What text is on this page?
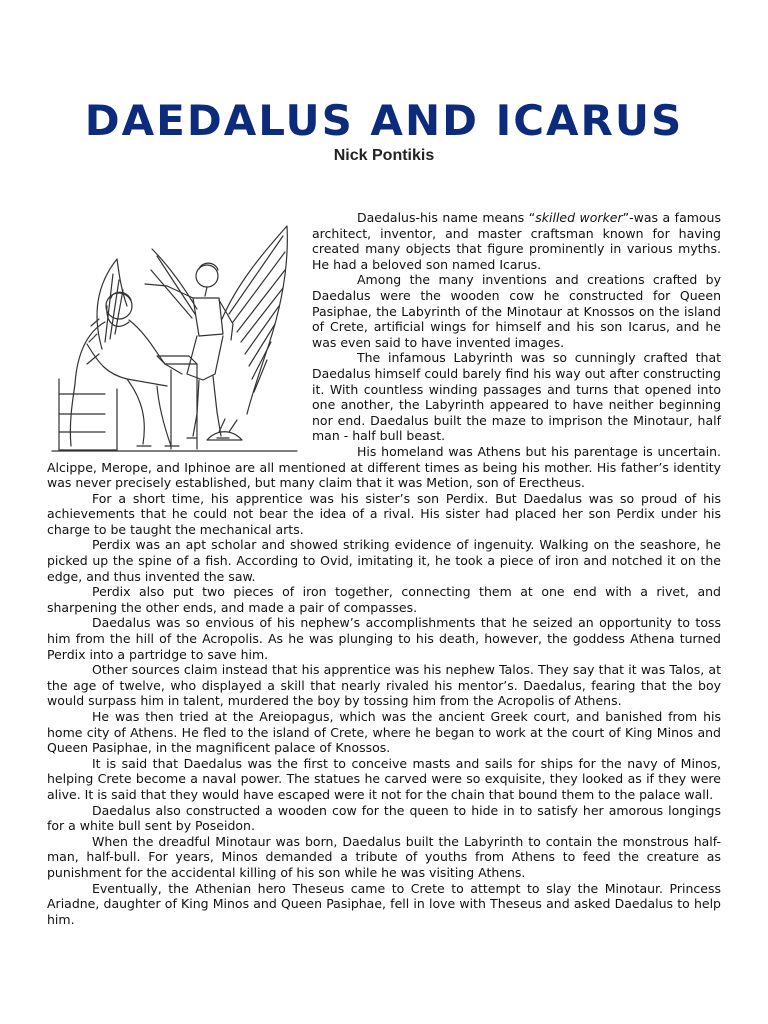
DAEDALUS AND ICARUS
Nick Pontikis

Daedalus-his name means “skilled worker”-was a famous architect, inventor, and master craftsman known for having created many objects that figure prominently in various myths. He had a beloved son named Icarus.

Among the many inventions and creations crafted by Daedalus were the wooden cow he constructed for Queen Pasiphae, the Labyrinth of the Minotaur at Knossos on the island of Crete, artificial wings for himself and his son Icarus, and he was even said to have invented images.

The infamous Labyrinth was so cunningly crafted that Daedalus himself could barely find his way out after constructing it. With countless winding passages and turns that opened into one another, the Labyrinth appeared to have neither beginning nor end. Daedalus built the maze to imprison the Minotaur, half man - half bull beast.

His homeland was Athens but his parentage is uncertain. Alcippe, Merope, and Iphinoe are all mentioned at different times as being his mother. His father’s identity was never precisely established, but many claim that it was Metion, son of Erectheus.

For a short time, his apprentice was his sister’s son Perdix. But Daedalus was so proud of his achievements that he could not bear the idea of a rival. His sister had placed her son Perdix under his charge to be taught the mechanical arts.

Perdix was an apt scholar and showed striking evidence of ingenuity. Walking on the seashore, he picked up the spine of a fish. According to Ovid, imitating it, he took a piece of iron and notched it on the edge, and thus invented the saw.

Perdix also put two pieces of iron together, connecting them at one end with a rivet, and sharpening the other ends, and made a pair of compasses.

Daedalus was so envious of his nephew’s accomplishments that he seized an opportunity to toss him from the hill of the Acropolis. As he was plunging to his death, however, the goddess Athena turned Perdix into a partridge to save him.

Other sources claim instead that his apprentice was his nephew Talos. They say that it was Talos, at the age of twelve, who displayed a skill that nearly rivaled his mentor’s. Daedalus, fearing that the boy would surpass him in talent, murdered the boy by tossing him from the Acropolis of Athens.

He was then tried at the Areiopagus, which was the ancient Greek court, and banished from his home city of Athens. He fled to the island of Crete, where he began to work at the court of King Minos and Queen Pasiphae, in the magnificent palace of Knossos.

It is said that Daedalus was the first to conceive masts and sails for ships for the navy of Minos, helping Crete become a naval power. The statues he carved were so exquisite, they looked as if they were alive. It is said that they would have escaped were it not for the chain that bound them to the palace wall.

Daedalus also constructed a wooden cow for the queen to hide in to satisfy her amorous longings for a white bull sent by Poseidon.

When the dreadful Minotaur was born, Daedalus built the Labyrinth to contain the monstrous half-man, half-bull. For years, Minos demanded a tribute of youths from Athens to feed the creature as punishment for the accidental killing of his son while he was visiting Athens.

Eventually, the Athenian hero Theseus came to Crete to attempt to slay the Minotaur. Princess Ariadne, daughter of King Minos and Queen Pasiphae, fell in love with Theseus and asked Daedalus to help him.
